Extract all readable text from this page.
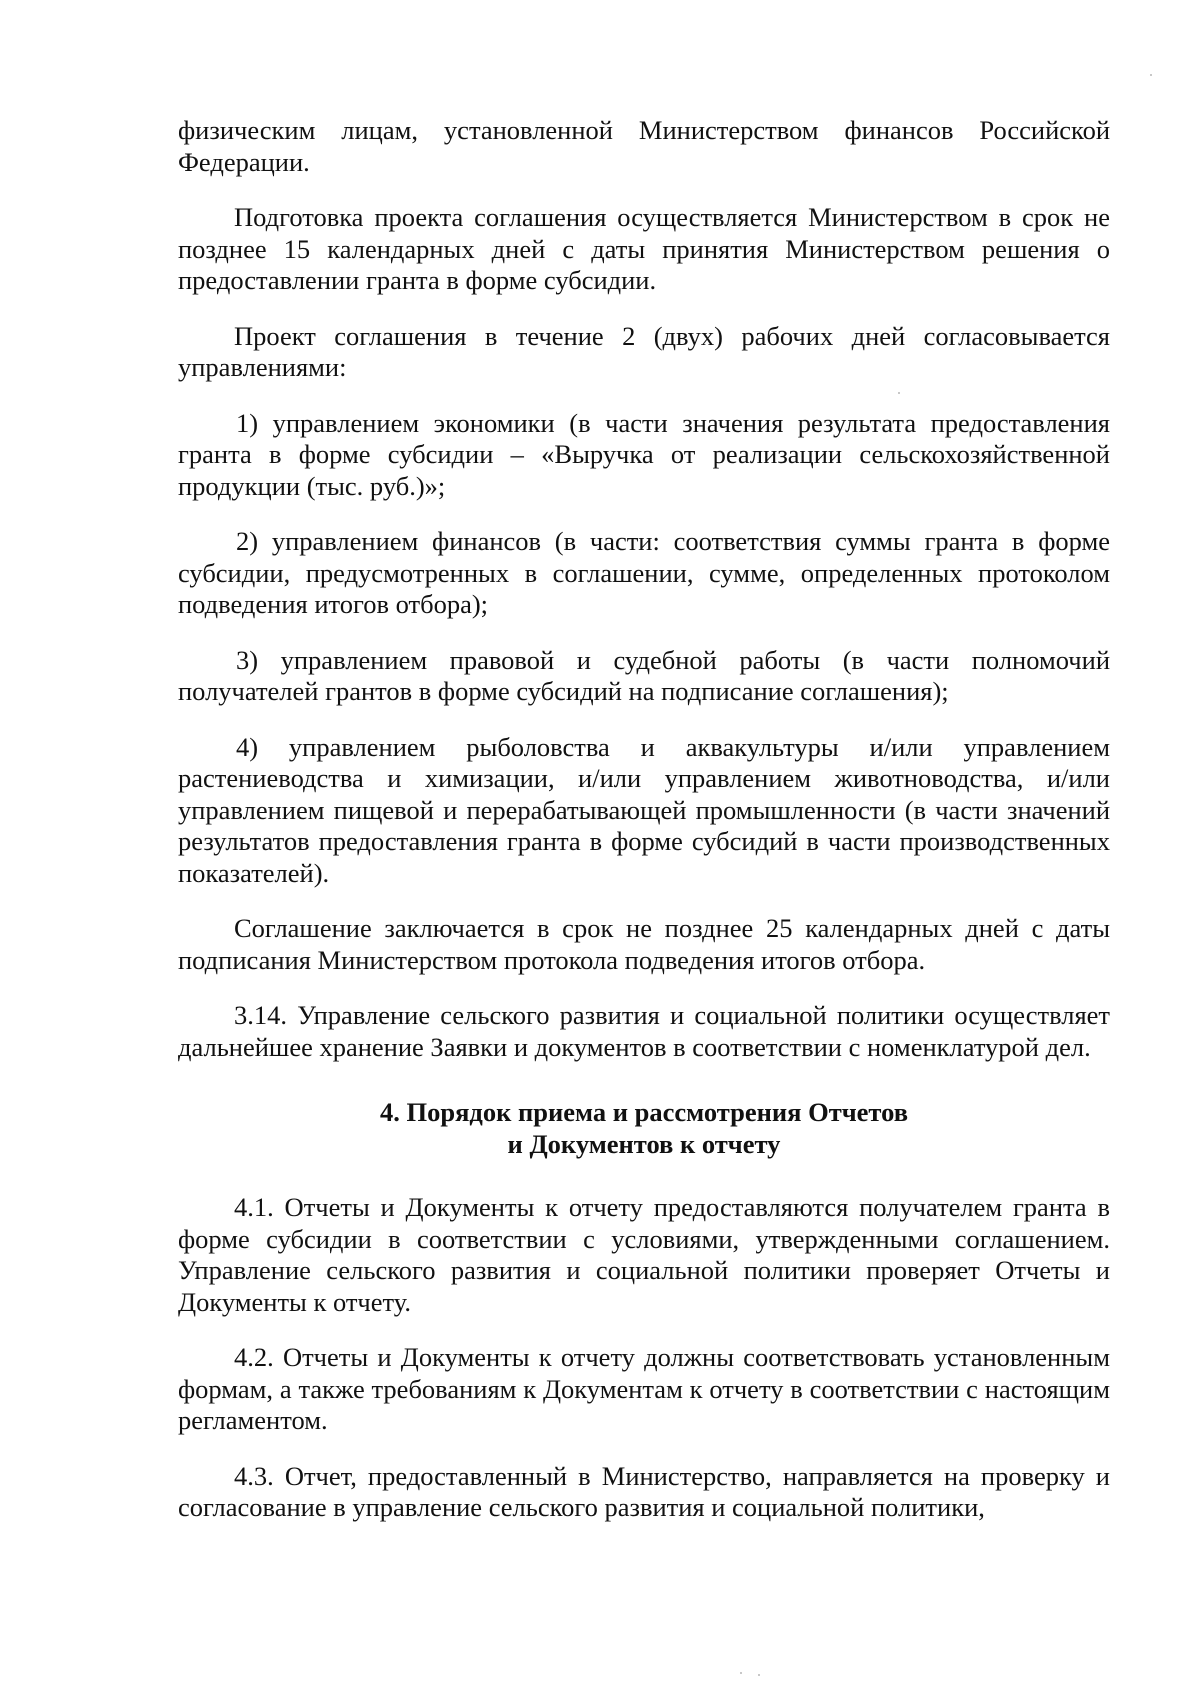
физическим лицам, установленной Министерством финансов Российской Федерации.

Подготовка проекта соглашения осуществляется Министерством в срок не позднее 15 календарных дней с даты принятия Министерством решения о предоставлении гранта в форме субсидии.

Проект соглашения в течение 2 (двух) рабочих дней согласовывается управлениями:

1) управлением экономики (в части значения результата предоставления гранта в форме субсидии – «Выручка от реализации сельскохозяйственной продукции (тыс. руб.)»;

2) управлением финансов (в части: соответствия суммы гранта в форме субсидии, предусмотренных в соглашении, сумме, определенных протоколом подведения итогов отбора);

3) управлением правовой и судебной работы (в части полномочий получателей грантов в форме субсидий на подписание соглашения);

4) управлением рыболовства и аквакультуры и/или управлением растениеводства и химизации, и/или управлением животноводства, и/или управлением пищевой и перерабатывающей промышленности (в части значений результатов предоставления гранта в форме субсидий в части производственных показателей).

Соглашение заключается в срок не позднее 25 календарных дней с даты подписания Министерством протокола подведения итогов отбора.

3.14. Управление сельского развития и социальной политики осуществляет дальнейшее хранение Заявки и документов в соответствии с номенклатурой дел.

4. Порядок приема и рассмотрения Отчетов
и Документов к отчету

4.1. Отчеты и Документы к отчету предоставляются получателем гранта в форме субсидии в соответствии с условиями, утвержденными соглашением. Управление сельского развития и социальной политики проверяет Отчеты и Документы к отчету.

4.2. Отчеты и Документы к отчету должны соответствовать установленным формам, а также требованиям к Документам к отчету в соответствии с настоящим регламентом.

4.3. Отчет, предоставленный в Министерство, направляется на проверку и согласование в управление сельского развития и социальной политики,
